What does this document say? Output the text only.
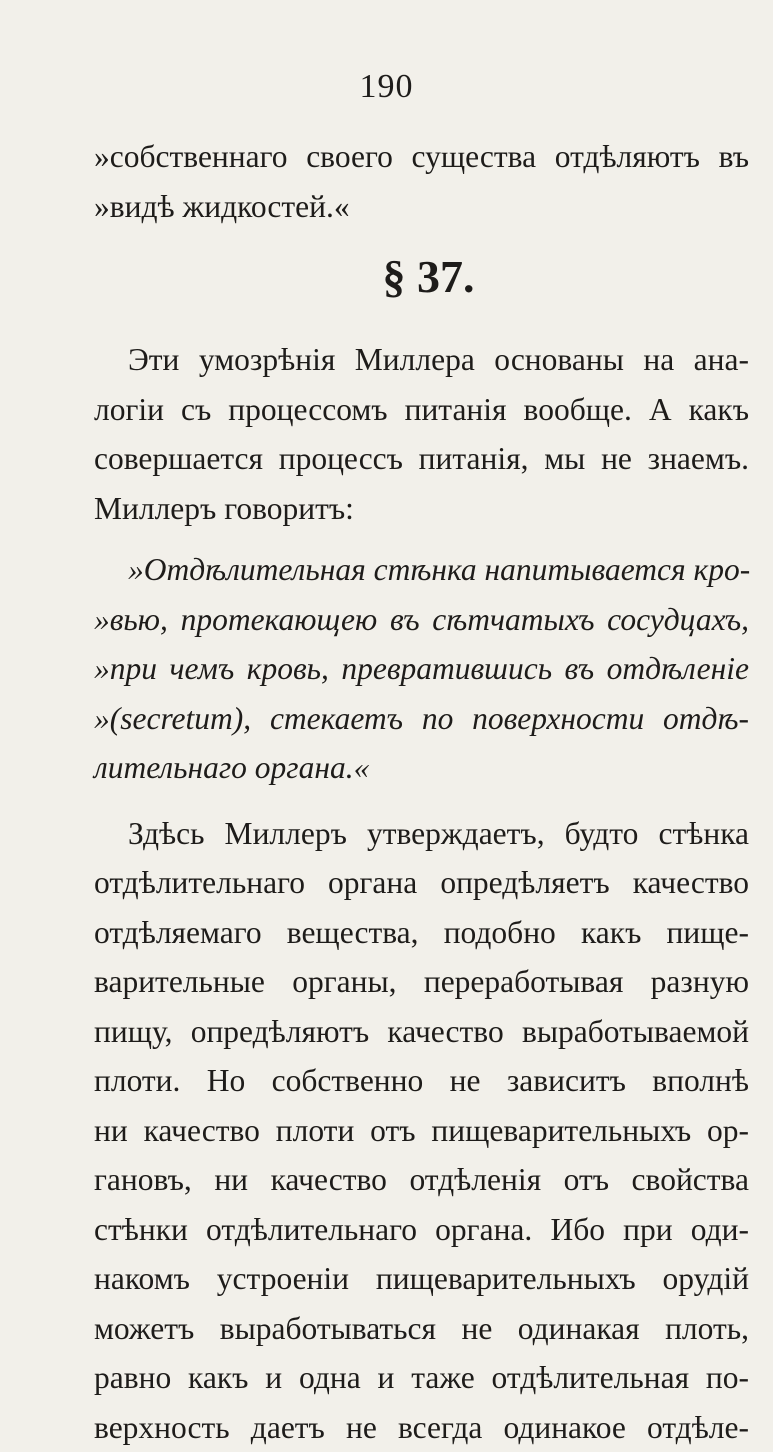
190
»собственнаго своего существа отдѣляютъ въ
»видѣ жидкостей.«
§ 37.
Эти умозрѣнія Миллера основаны на ана-
логіи съ процессомъ питанія вообще. А какъ
совершается процессъ питанія, мы не знаемъ.
Миллеръ говоритъ:
»Отдѣлительная стѣнка напитывается кро-
»вью, протекающею въ сѣтчатыхъ сосудцахъ,
»при чемъ кровь, превратившись въ отдѣленіе
»(secretum), стекаетъ по поверхности отдѣ-
лительнаго органа.«
Здѣсь Миллеръ утверждаетъ, будто стѣнка
отдѣлительнаго органа опредѣляетъ качество
отдѣляемаго вещества, подобно какъ пище-
варительные органы, переработывая разную
пищу, опредѣляютъ качество выработываемой
плоти. Но собственно не зависитъ вполнѣ
ни качество плоти отъ пищеварительныхъ ор-
гановъ, ни качество отдѣленія отъ свойства
стѣнки отдѣлительнаго органа. Ибо при оди-
накомъ устроеніи пищеварительныхъ орудій
можетъ выработываться не одинакая плоть,
равно какъ и одна и таже отдѣлительная по-
верхность даетъ не всегда одинакое отдѣле-
